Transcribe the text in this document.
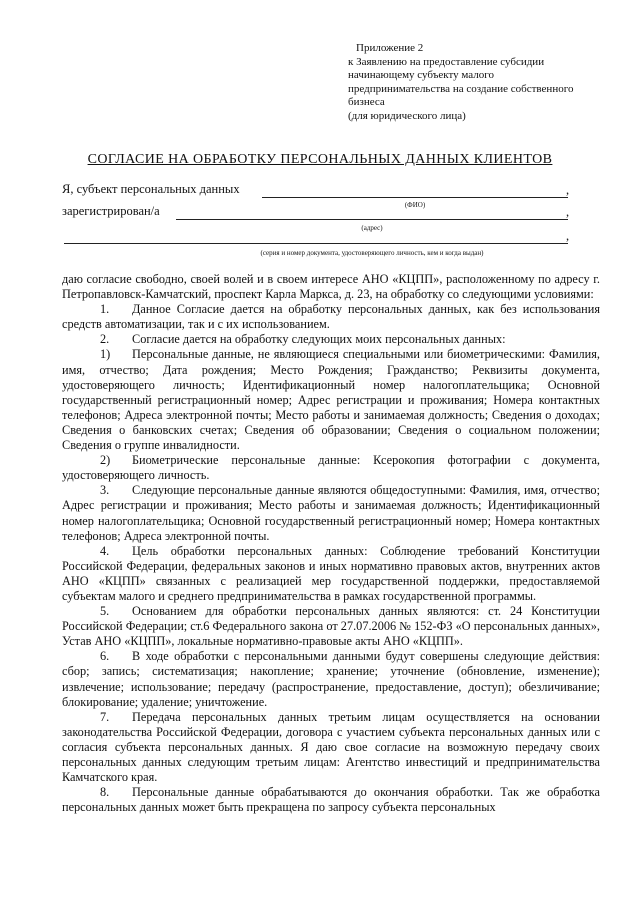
Приложение 2
к Заявлению на предоставление субсидии
начинающему субъекту малого
предпринимательства на создание собственного
бизнеса
(для юридического лица)
СОГЛАСИЕ НА ОБРАБОТКУ ПЕРСОНАЛЬНЫХ ДАННЫХ КЛИЕНТОВ
Я, субъект персональных данных	,
(ФИО)
зарегистрирован/а	,
(адрес)
,
(серия и номер документа, удостоверяющего личность, кем и когда выдан)

даю согласие свободно, своей волей и в своем интересе АНО «КЦПП», расположенному по адресу г. Петропавловск-Камчатский, проспект Карла Маркса, д. 23, на обработку со следующими условиями:

1. Данное Согласие дается на обработку персональных данных, как без использования средств автоматизации, так и с их использованием.

2. Согласие дается на обработку следующих моих персональных данных:

1) Персональные данные, не являющиеся специальными или биометрическими: Фамилия, имя, отчество; Дата рождения; Место Рождения; Гражданство; Реквизиты документа, удостоверяющего личность; Идентификационный номер налогоплательщика; Основной государственный регистрационный номер; Адрес регистрации и проживания; Номера контактных телефонов; Адреса электронной почты; Место работы и занимаемая должность; Сведения о доходах; Сведения о банковских счетах; Сведения об образовании; Сведения о социальном положении; Сведения о группе инвалидности.

2) Биометрические персональные данные: Ксерокопия фотографии с документа, удостоверяющего личность.

3. Следующие персональные данные являются общедоступными: Фамилия, имя, отчество; Адрес регистрации и проживания; Место работы и занимаемая должность; Идентификационный номер налогоплательщика; Основной государственный регистрационный номер; Номера контактных телефонов; Адреса электронной почты.

4. Цель обработки персональных данных: Соблюдение требований Конституции Российской Федерации, федеральных законов и иных нормативно правовых актов, внутренних актов АНО «КЦПП» связанных с реализацией мер государственной поддержки, предоставляемой субъектам малого и среднего предпринимательства в рамках государственной программы.

5. Основанием для обработки персональных данных являются: ст. 24 Конституции Российской Федерации; ст.6 Федерального закона от 27.07.2006 № 152-ФЗ «О персональных данных», Устав АНО «КЦПП», локальные нормативно-правовые акты АНО «КЦПП».

6. В ходе обработки с персональными данными будут совершены следующие действия: сбор; запись; систематизация; накопление; хранение; уточнение (обновление, изменение); извлечение; использование; передачу (распространение, предоставление, доступ); обезличивание; блокирование; удаление; уничтожение.

7. Передача персональных данных третьим лицам осуществляется на основании законодательства Российской Федерации, договора с участием субъекта персональных данных или с согласия субъекта персональных данных. Я даю свое согласие на возможную передачу своих персональных данных следующим третьим лицам: Агентство инвестиций и предпринимательства Камчатского края.

8. Персональные данные обрабатываются до окончания обработки. Так же обработка персональных данных может быть прекращена по запросу субъекта персональных
